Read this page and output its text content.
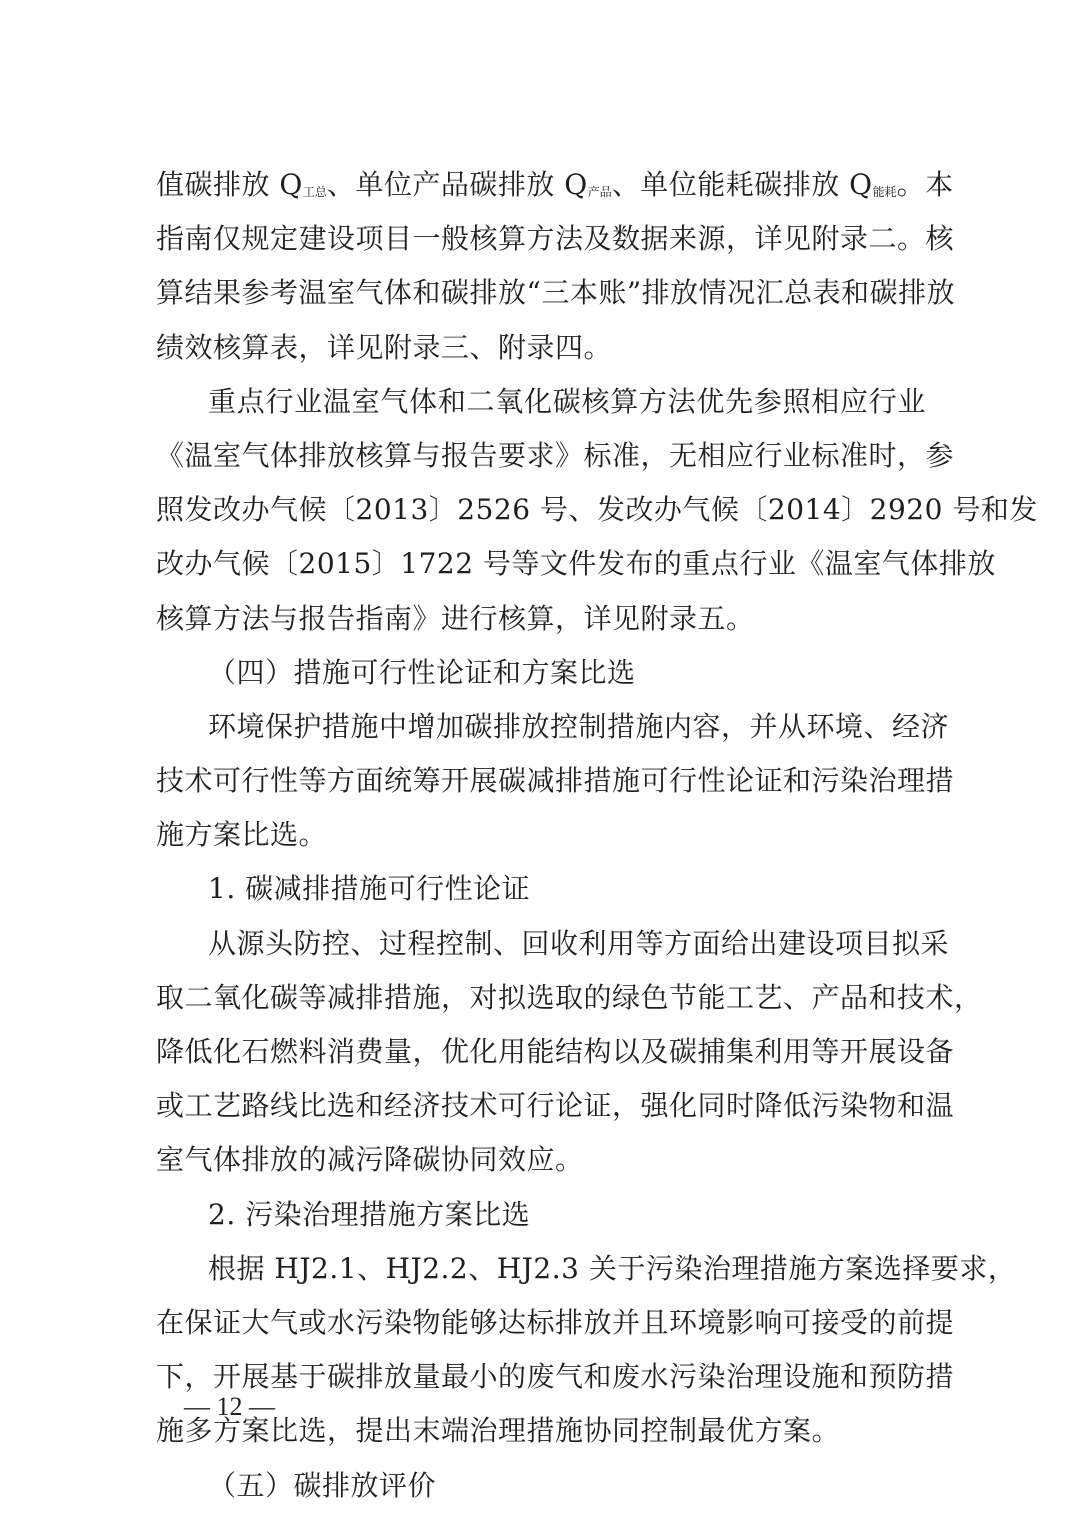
值碳排放 Q工总、单位产品碳排放 Q产品、单位能耗碳排放 Q能耗。本
指南仅规定建设项目一般核算方法及数据来源，详见附录二。核
算结果参考温室气体和碳排放“三本账”排放情况汇总表和碳排放
绩效核算表，详见附录三、附录四。
重点行业温室气体和二氧化碳核算方法优先参照相应行业
《温室气体排放核算与报告要求》标准，无相应行业标准时，参
照发改办气候〔2013〕2526 号、发改办气候〔2014〕2920 号和发
改办气候〔2015〕1722 号等文件发布的重点行业《温室气体排放
核算方法与报告指南》进行核算，详见附录五。
（四）措施可行性论证和方案比选
环境保护措施中增加碳排放控制措施内容，并从环境、经济
技术可行性等方面统筹开展碳减排措施可行性论证和污染治理措
施方案比选。
1. 碳减排措施可行性论证
从源头防控、过程控制、回收利用等方面给出建设项目拟采
取二氧化碳等减排措施，对拟选取的绿色节能工艺、产品和技术，
降低化石燃料消费量，优化用能结构以及碳捕集利用等开展设备
或工艺路线比选和经济技术可行论证，强化同时降低污染物和温
室气体排放的减污降碳协同效应。
2. 污染治理措施方案比选
根据 HJ2.1、HJ2.2、HJ2.3 关于污染治理措施方案选择要求，
在保证大气或水污染物能够达标排放并且环境影响可接受的前提
下，开展基于碳排放量最小的废气和废水污染治理设施和预防措
施多方案比选，提出末端治理措施协同控制最优方案。
（五）碳排放评价
— 12 —
